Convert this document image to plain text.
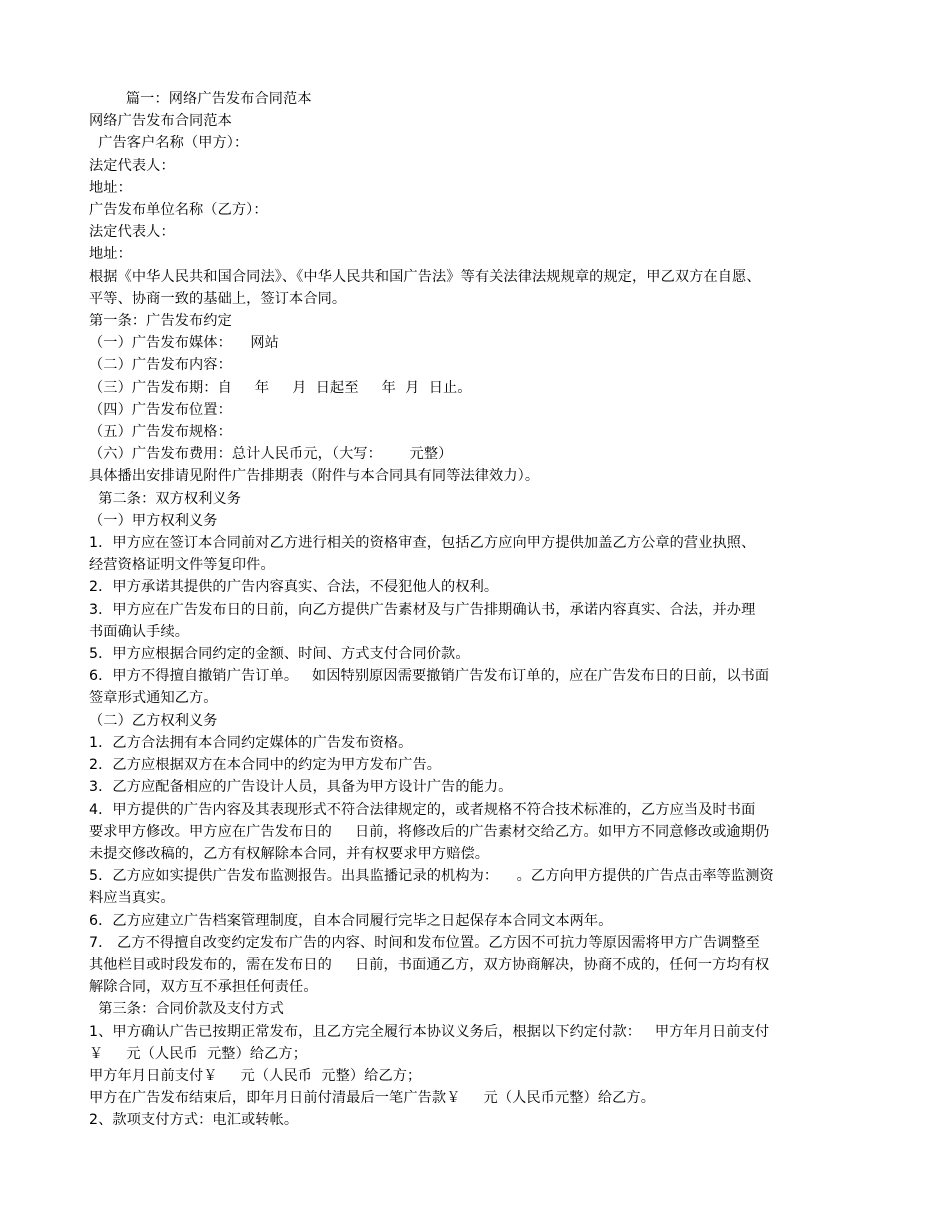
篇一：网络广告发布合同范本
网络广告发布合同范本
广告客户名称（甲方）：
法定代表人：
地址：
广告发布单位名称（乙方）：
法定代表人：
地址：
根据《中华人民共和国合同法》、《中华人民共和国广告法》等有关法律法规规章的规定，甲乙双方在自愿、
平等、协商一致的基础上，签订本合同。
第一条：广告发布约定
（一）广告发布媒体：    网站
（二）广告发布内容：
（三）广告发布期：自     年     月  日起至     年  月  日止。
（四）广告发布位置：
（五）广告发布规格：
（六）广告发布费用：总计人民币元，（大写：      元整）
具体播出安排请见附件广告排期表（附件与本合同具有同等法律效力）。
第二条：双方权利义务
（一）甲方权利义务
1．甲方应在签订本合同前对乙方进行相关的资格审查，包括乙方应向甲方提供加盖乙方公章的营业执照、
经营资格证明文件等复印件。
2．甲方承诺其提供的广告内容真实、合法，不侵犯他人的权利。
3．甲方应在广告发布日的日前，向乙方提供广告素材及与广告排期确认书，承诺内容真实、合法，并办理
书面确认手续。
5．甲方应根据合同约定的金额、时间、方式支付合同价款。
6．甲方不得擅自撤销广告订单。   如因特别原因需要撤销广告发布订单的，应在广告发布日的日前，以书面
签章形式通知乙方。
（二）乙方权利义务
1．乙方合法拥有本合同约定媒体的广告发布资格。
2．乙方应根据双方在本合同中的约定为甲方发布广告。
3．乙方应配备相应的广告设计人员，具备为甲方设计广告的能力。
4．甲方提供的广告内容及其表现形式不符合法律规定的，或者规格不符合技术标准的，乙方应当及时书面
要求甲方修改。甲方应在广告发布日的     日前，将修改后的广告素材交给乙方。如甲方不同意修改或逾期仍
未提交修改稿的，乙方有权解除本合同，并有权要求甲方赔偿。
5．乙方应如实提供广告发布监测报告。出具监播记录的机构为：    。乙方向甲方提供的广告点击率等监测资
料应当真实。
6．乙方应建立广告档案管理制度，自本合同履行完毕之日起保存本合同文本两年。
7． 乙方不得擅自改变约定发布广告的内容、时间和发布位置。乙方因不可抗力等原因需将甲方广告调整至
其他栏目或时段发布的，需在发布日的     日前，书面通乙方，双方协商解决，协商不成的，任何一方均有权
解除合同，双方互不承担任何责任。
第三条：合同价款及支付方式
1、甲方确认广告已按期正常发布，且乙方完全履行本协议义务后，根据以下约定付款：   甲方年月日前支付
￥     元（人民币  元整）给乙方；
甲方年月日前支付￥     元（人民币  元整）给乙方；
甲方在广告发布结束后，即年月日前付清最后一笔广告款￥     元（人民币元整）给乙方。
2、款项支付方式：电汇或转帐。
